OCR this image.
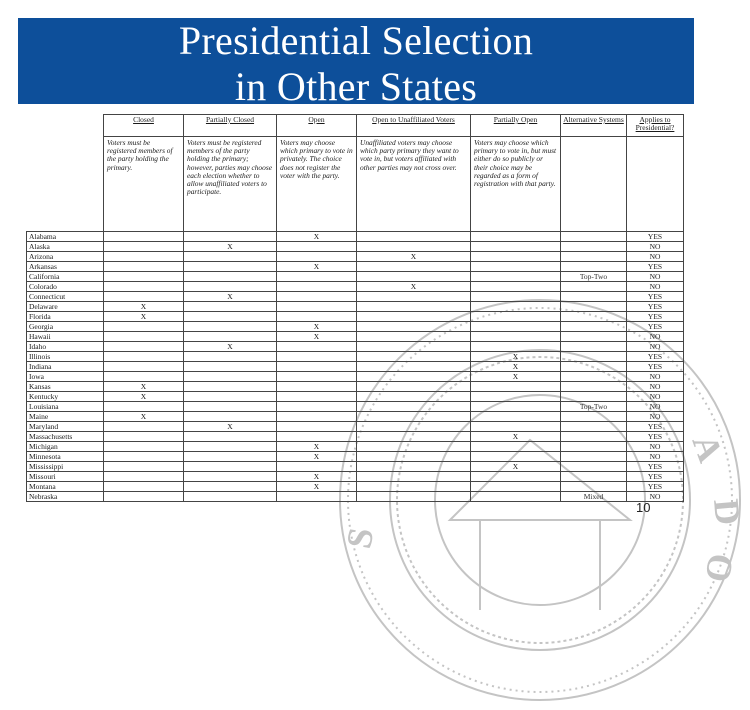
A
D
O
S
Presidential Selection
in Other States
	Closed	Partially Closed	Open	Open to Unaffiliated Voters	Partially Open	Alternative Systems	Applies to Presidential?
	Voters must be registered members of the party holding the primary.	Voters must be registered members of the party holding the primary; however, parties may choose each election whether to allow unaffiliated voters to participate.	Voters may choose which primary to vote in privately. The choice does not register the voter with the party.	Unaffiliated voters may choose which party primary they want to vote in, but voters affiliated with other parties may not cross over.	Voters may choose which primary to vote in, but must either do so publicly or their choice may be regarded as a form of registration with that party.		
Alabama			X				YES
Alaska		X					NO
Arizona				X			NO
Arkansas			X				YES
California						Top-Two	NO
Colorado				X			NO
Connecticut		X					YES
Delaware	X						YES
Florida	X						YES
Georgia			X				YES
Hawaii			X				NO
Idaho		X					NO
Illinois					X		YES
Indiana					X		YES
Iowa					X		NO
Kansas	X						NO
Kentucky	X						NO
Louisiana						Top-Two	NO
Maine	X						NO
Maryland		X					YES
Massachusetts					X		YES
Michigan			X				NO
Minnesota			X				NO
Mississippi					X		YES
Missouri			X				YES
Montana			X				YES
Nebraska						Mixed	NO
10
